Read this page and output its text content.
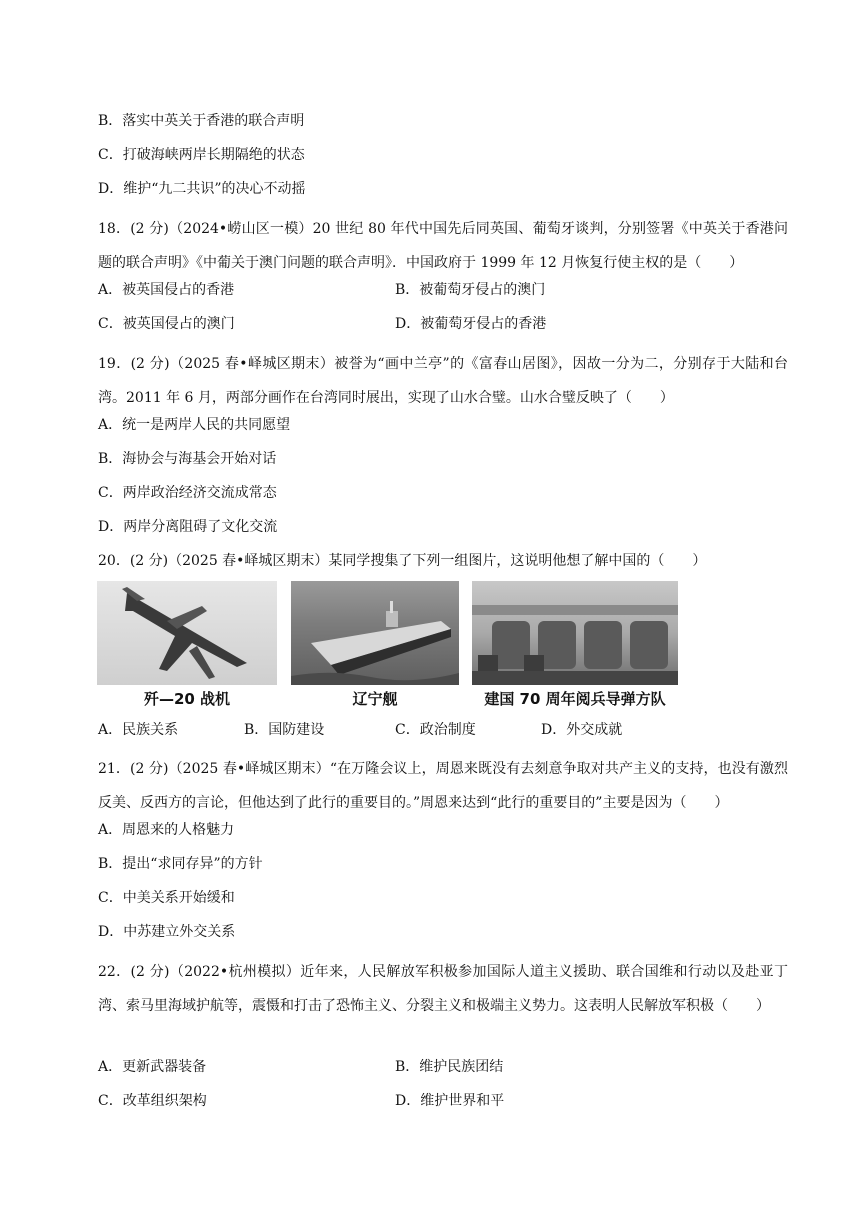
B．落实中英关于香港的联合声明
C．打破海峡两岸长期隔绝的状态
D．维护“九二共识”的决心不动摇
18．(2 分)（2024•崂山区一模）20 世纪 80 年代中国先后同英国、葡萄牙谈判，分别签署《中英关于香港问题的联合声明》《中葡关于澳门问题的联合声明》．中国政府于 1999 年 12 月恢复行使主权的是（　　）
A．被英国侵占的香港	B．被葡萄牙侵占的澳门
C．被英国侵占的澳门	D．被葡萄牙侵占的香港
19．(2 分)（2025 春•峄城区期末）被誉为“画中兰亭”的《富春山居图》，因故一分为二，分别存于大陆和台湾。2011 年 6 月，两部分画作在台湾同时展出，实现了山水合璧。山水合璧反映了（　　）
A．统一是两岸人民的共同愿望
B．海协会与海基会开始对话
C．两岸政治经济交流成常态
D．两岸分离阻碍了文化交流
20．(2 分)（2025 春•峄城区期末）某同学搜集了下列一组图片，这说明他想了解中国的（　　）
歼—20 战机	辽宁舰	建国 70 周年阅兵导弹方队
A．民族关系	B．国防建设	C．政治制度	D．外交成就
21．(2 分)（2025 春•峄城区期末）“在万隆会议上，周恩来既没有去刻意争取对共产主义的支持，也没有激烈反美、反西方的言论，但他达到了此行的重要目的。”周恩来达到“此行的重要目的”主要是因为（　　）
A．周恩来的人格魅力
B．提出“求同存异”的方针
C．中美关系开始缓和
D．中苏建立外交关系
22．(2 分)（2022•杭州模拟）近年来，人民解放军积极参加国际人道主义援助、联合国维和行动以及赴亚丁湾、索马里海域护航等，震慑和打击了恐怖主义、分裂主义和极端主义势力。这表明人民解放军积极（　　）
A．更新武器装备	B．维护民族团结
C．改革组织架构	D．维护世界和平
